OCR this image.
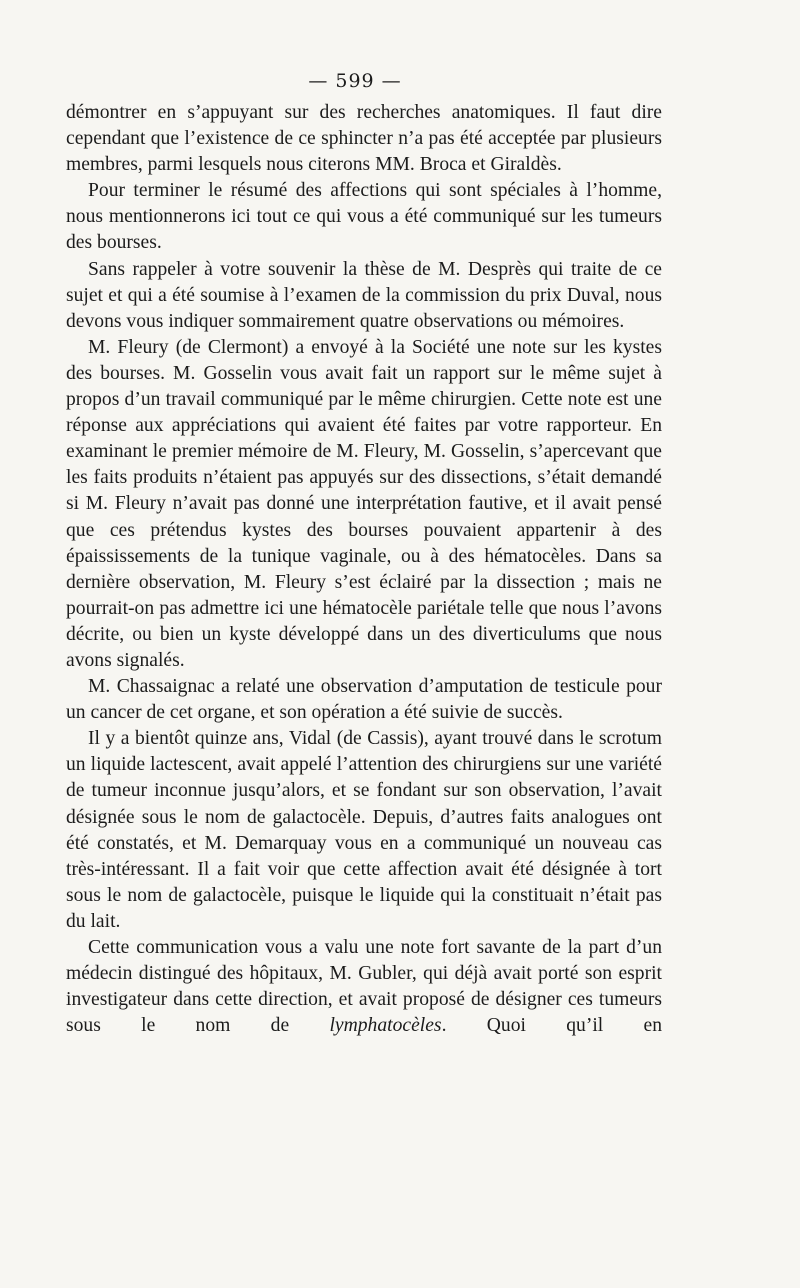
— 599 —

démontrer en s’appuyant sur des recherches anatomiques. Il faut dire cependant que l’existence de ce sphincter n’a pas été acceptée par plusieurs membres, parmi lesquels nous citerons MM. Broca et Giraldès.

Pour terminer le résumé des affections qui sont spéciales à l’homme, nous mentionnerons ici tout ce qui vous a été communiqué sur les tumeurs des bourses.

Sans rappeler à votre souvenir la thèse de M. Desprès qui traite de ce sujet et qui a été soumise à l’examen de la commission du prix Duval, nous devons vous indiquer sommairement quatre observations ou mémoires.

M. Fleury (de Clermont) a envoyé à la Société une note sur les kystes des bourses. M. Gosselin vous avait fait un rapport sur le même sujet à propos d’un travail communiqué par le même chirurgien. Cette note est une réponse aux appréciations qui avaient été faites par votre rapporteur. En examinant le premier mémoire de M. Fleury, M. Gosselin, s’apercevant que les faits produits n’étaient pas appuyés sur des dissections, s’était demandé si M. Fleury n’avait pas donné une interprétation fautive, et il avait pensé que ces prétendus kystes des bourses pouvaient appartenir à des épaississements de la tunique vaginale, ou à des hématocèles. Dans sa dernière observation, M. Fleury s’est éclairé par la dissection ; mais ne pourrait-on pas admettre ici une hématocèle pariétale telle que nous l’avons décrite, ou bien un kyste développé dans un des diverticulums que nous avons signalés.

M. Chassaignac a relaté une observation d’amputation de testicule pour un cancer de cet organe, et son opération a été suivie de succès.

Il y a bientôt quinze ans, Vidal (de Cassis), ayant trouvé dans le scrotum un liquide lactescent, avait appelé l’attention des chirurgiens sur une variété de tumeur inconnue jusqu’alors, et se fondant sur son observation, l’avait désignée sous le nom de galactocèle. Depuis, d’autres faits analogues ont été constatés, et M. Demarquay vous en a communiqué un nouveau cas très-intéressant. Il a fait voir que cette affection avait été désignée à tort sous le nom de galactocèle, puisque le liquide qui la constituait n’était pas du lait.

Cette communication vous a valu une note fort savante de la part d’un médecin distingué des hôpitaux, M. Gubler, qui déjà avait porté son esprit investigateur dans cette direction, et avait proposé de désigner ces tumeurs sous le nom de lymphatocèles. Quoi qu’il en
